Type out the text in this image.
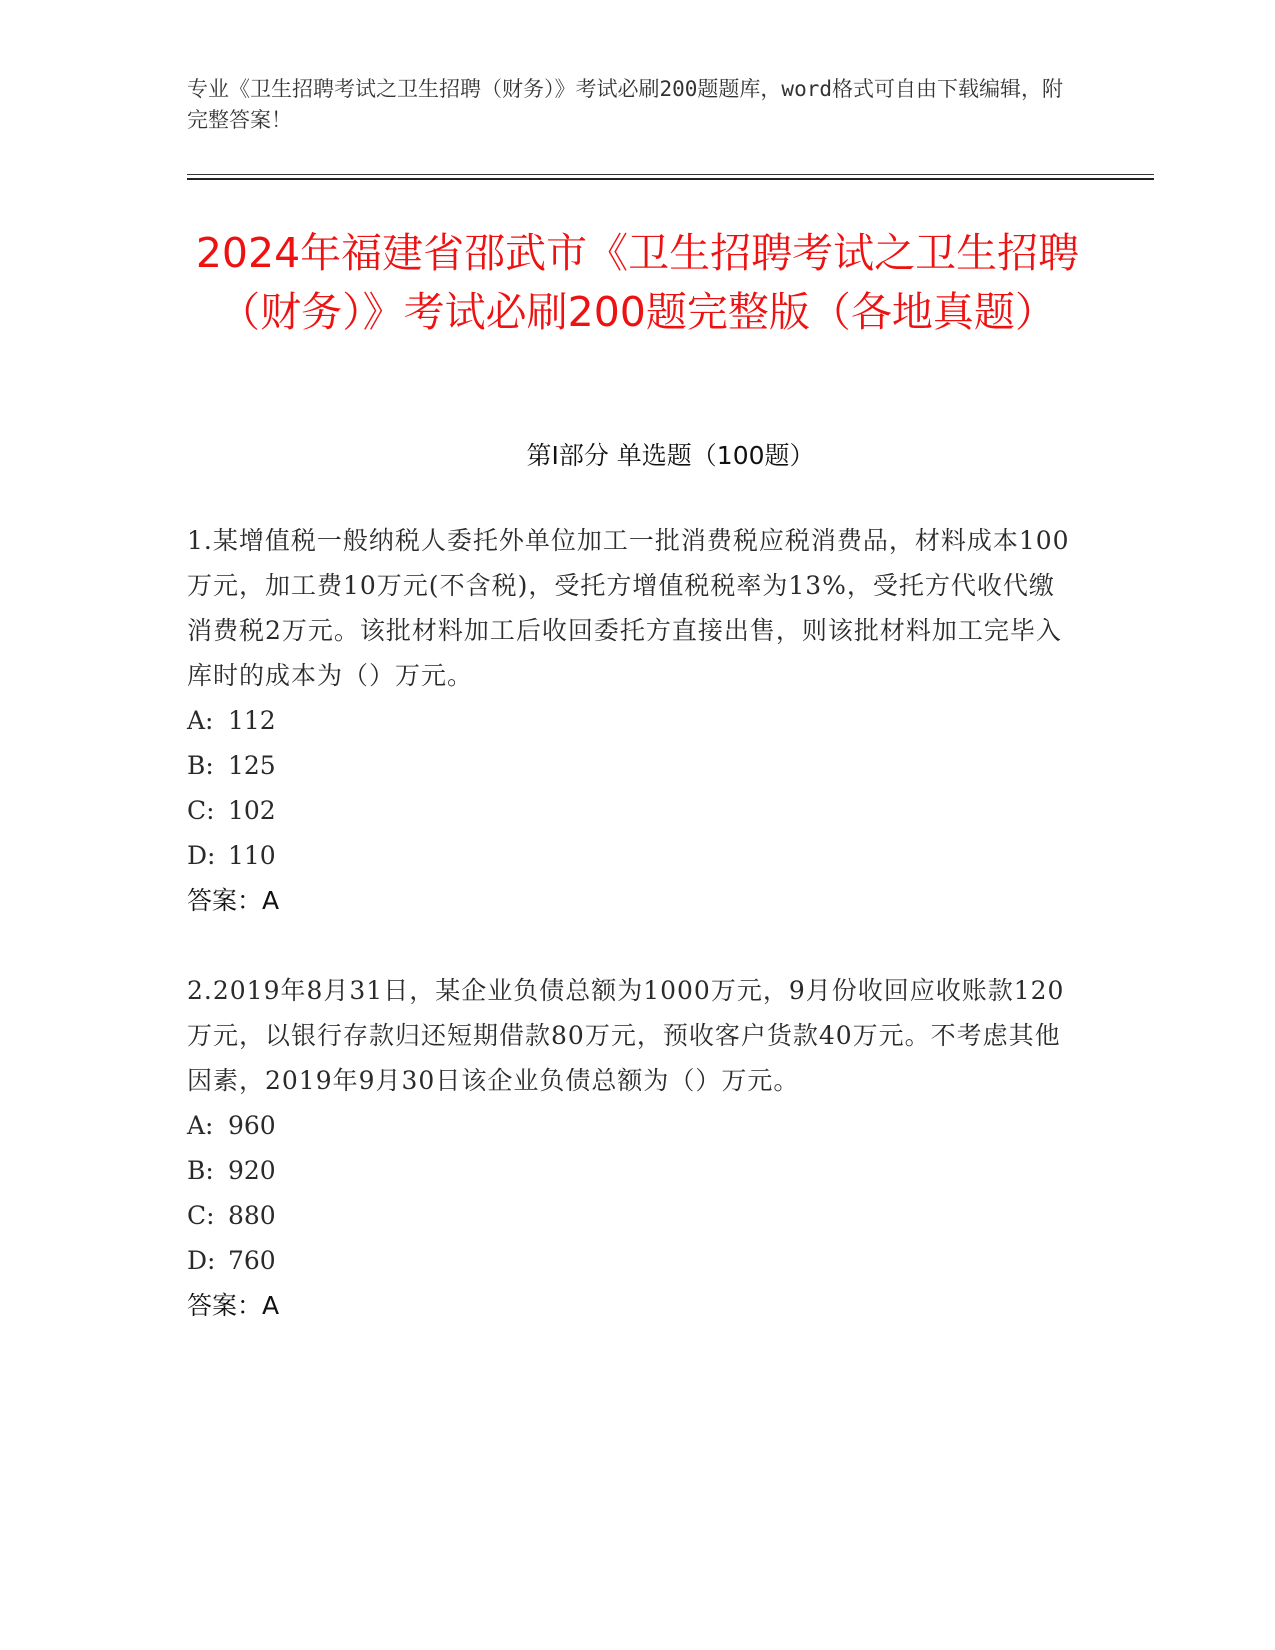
专业《卫生招聘考试之卫生招聘（财务）》考试必刷200题题库，word格式可自由下载编辑，附完整答案！
2024年福建省邵武市《卫生招聘考试之卫生招聘（财务）》考试必刷200题完整版（各地真题）
第I部分 单选题（100题）
1.某增值税一般纳税人委托外单位加工一批消费税应税消费品，材料成本100万元，加工费10万元(不含税)，受托方增值税税率为13%，受托方代收代缴消费税2万元。该批材料加工后收回委托方直接出售，则该批材料加工完毕入库时的成本为（）万元。
A: 112
B: 125
C: 102
D: 110
答案：A
2.2019年8月31日，某企业负债总额为1000万元，9月份收回应收账款120万元，以银行存款归还短期借款80万元，预收客户货款40万元。不考虑其他因素，2019年9月30日该企业负债总额为（）万元。
A: 960
B: 920
C: 880
D: 760
答案：A
